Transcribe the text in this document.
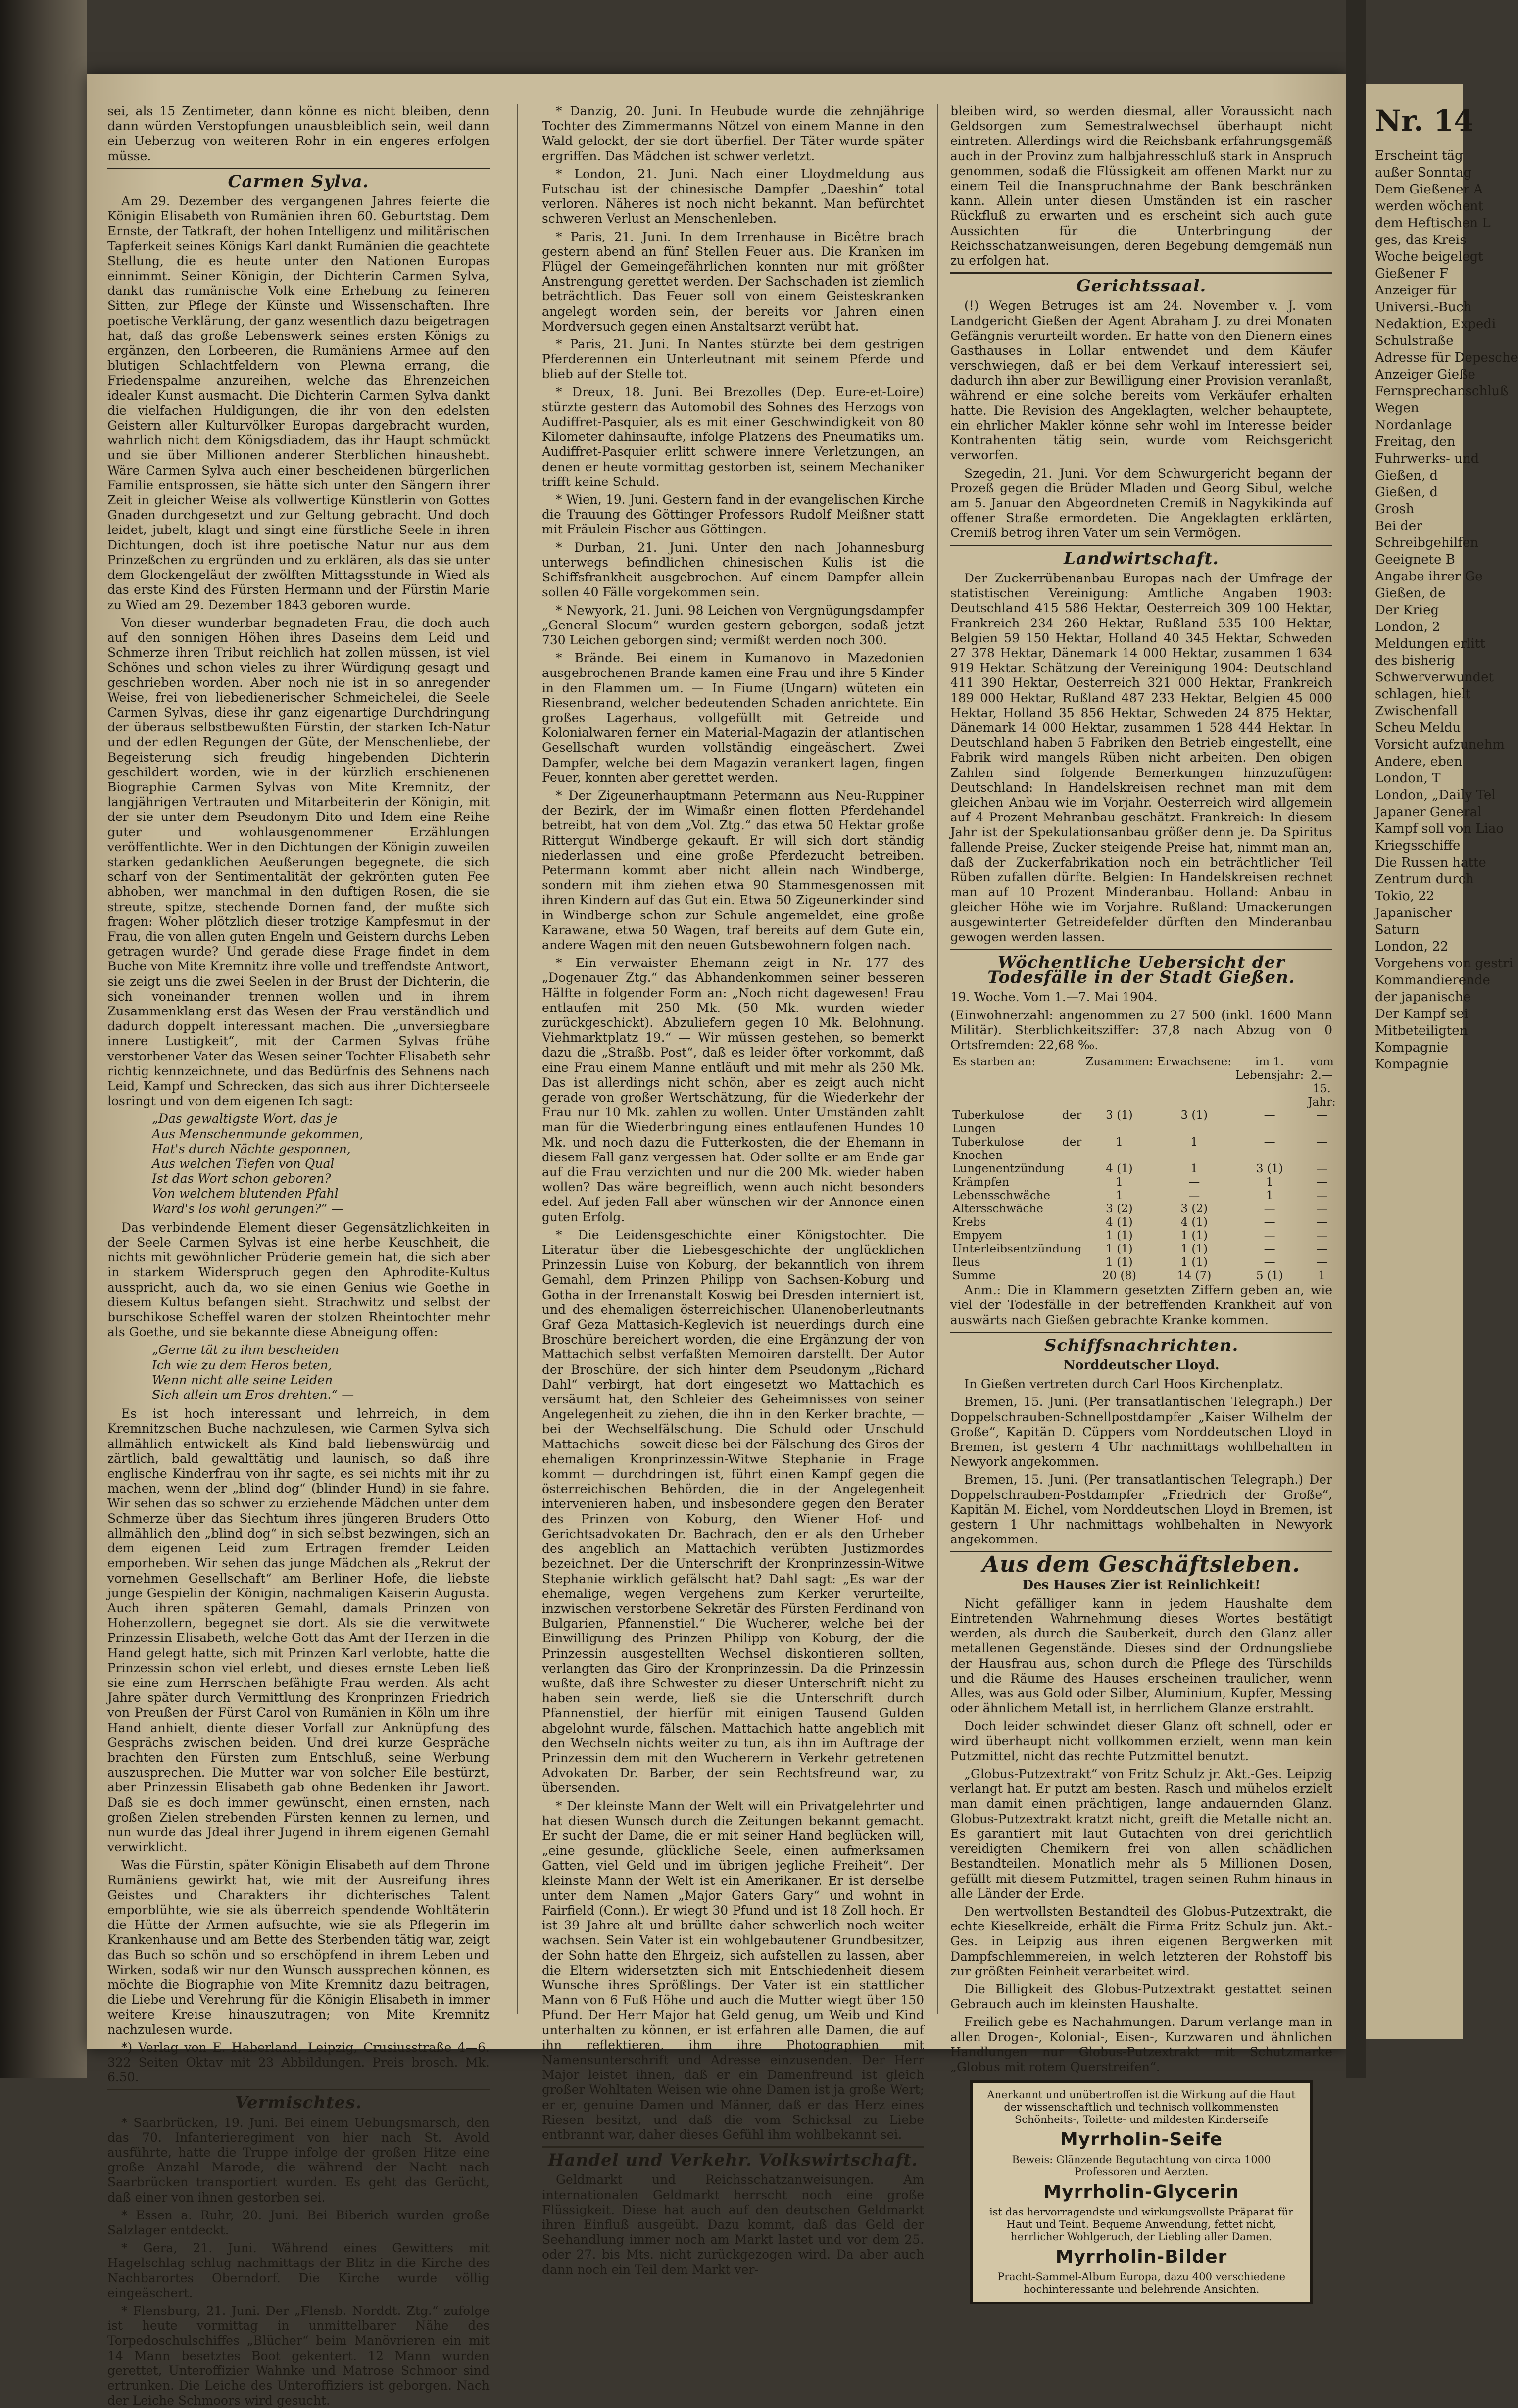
sei, als 15 Zentimeter, dann könne es nicht bleiben, denn dann würden Verstopfungen unausbleiblich sein, weil dann ein Ueberzug von weiteren Rohr in ein engeres erfolgen müsse.

Carmen Sylva.

Am 29. Dezember des vergangenen Jahres feierte die Königin Elisabeth von Rumänien ihren 60. Geburtstag. Dem Ernste, der Tatkraft, der hohen Intelligenz und militärischen Tapferkeit seines Königs Karl dankt Rumänien die geachtete Stellung, die es heute unter den Nationen Europas einnimmt. Seiner Königin, der Dichterin Carmen Sylva, dankt das rumänische Volk eine Erhebung zu feineren Sitten, zur Pflege der Künste und Wissenschaften. Ihre poetische Verklärung, der ganz wesentlich dazu beigetragen hat, daß das große Lebenswerk seines ersten Königs zu ergänzen, den Lorbeeren, die Rumäniens Armee auf den blutigen Schlachtfeldern von Plewna errang, die Friedenspalme anzureihen, welche das Ehrenzeichen idealer Kunst ausmacht. Die Dichterin Carmen Sylva dankt die vielfachen Huldigungen, die ihr von den edelsten Geistern aller Kulturvölker Europas dargebracht wurden, wahrlich nicht dem Königsdiadem, das ihr Haupt schmückt und sie über Millionen anderer Sterblichen hinaushebt. Wäre Carmen Sylva auch einer bescheidenen bürgerlichen Familie entsprossen, sie hätte sich unter den Sängern ihrer Zeit in gleicher Weise als vollwertige Künstlerin von Gottes Gnaden durchgesetzt und zur Geltung gebracht. Und doch leidet, jubelt, klagt und singt eine fürstliche Seele in ihren Dichtungen, doch ist ihre poetische Natur nur aus dem Prinzeßchen zu ergründen und zu erklären, als das sie unter dem Glockengeläut der zwölften Mittagsstunde in Wied als das erste Kind des Fürsten Hermann und der Fürstin Marie zu Wied am 29. Dezember 1843 geboren wurde.

Von dieser wunderbar begnadeten Frau, die doch auch auf den sonnigen Höhen ihres Daseins dem Leid und Schmerze ihren Tribut reichlich hat zollen müssen, ist viel Schönes und schon vieles zu ihrer Würdigung gesagt und geschrieben worden. Aber noch nie ist in so anregender Weise, frei von liebedienerischer Schmeichelei, die Seele Carmen Sylvas, diese ihr ganz eigenartige Durchdringung der überaus selbstbewußten Fürstin, der starken Ich-Natur und der edlen Regungen der Güte, der Menschenliebe, der Begeisterung sich freudig hingebenden Dichterin geschildert worden, wie in der kürzlich erschienenen Biographie Carmen Sylvas von Mite Kremnitz, der langjährigen Vertrauten und Mitarbeiterin der Königin, mit der sie unter dem Pseudonym Dito und Idem eine Reihe guter und wohlausgenommener Erzählungen veröffentlichte. Wer in den Dichtungen der Königin zuweilen starken gedanklichen Aeußerungen begegnete, die sich scharf von der Sentimentalität der gekrönten guten Fee abhoben, wer manchmal in den duftigen Rosen, die sie streute, spitze, stechende Dornen fand, der mußte sich fragen: Woher plötzlich dieser trotzige Kampfesmut in der Frau, die von allen guten Engeln und Geistern durchs Leben getragen wurde? Und gerade diese Frage findet in dem Buche von Mite Kremnitz ihre volle und treffendste Antwort, sie zeigt uns die zwei Seelen in der Brust der Dichterin, die sich voneinander trennen wollen und in ihrem Zusammenklang erst das Wesen der Frau verständlich und dadurch doppelt interessant machen. Die „unversiegbare innere Lustigkeit“, mit der Carmen Sylvas frühe verstorbener Vater das Wesen seiner Tochter Elisabeth sehr richtig kennzeichnete, und das Bedürfnis des Sehnens nach Leid, Kampf und Schrecken, das sich aus ihrer Dichterseele losringt und von dem eigenen Ich sagt:

„Das gewaltigste Wort, das je
Aus Menschenmunde gekommen,
Hat's durch Nächte gesponnen,
Aus welchen Tiefen von Qual
Ist das Wort schon geboren?
Von welchem blutenden Pfahl
Ward's los wohl gerungen?“ —

Das verbindende Element dieser Gegensätzlichkeiten in der Seele Carmen Sylvas ist eine herbe Keuschheit, die nichts mit gewöhnlicher Prüderie gemein hat, die sich aber in starkem Widerspruch gegen den Aphrodite-Kultus ausspricht, auch da, wo sie einen Genius wie Goethe in diesem Kultus befangen sieht. Strachwitz und selbst der burschikose Scheffel waren der stolzen Rheintochter mehr als Goethe, und sie bekannte diese Abneigung offen:

„Gerne tät zu ihm bescheiden
Ich wie zu dem Heros beten,
Wenn nicht alle seine Leiden
Sich allein um Eros drehten.“ —

Es ist hoch interessant und lehrreich, in dem Kremnitzschen Buche nachzulesen, wie Carmen Sylva sich allmählich entwickelt als Kind bald liebenswürdig und zärtlich, bald gewalttätig und launisch, so daß ihre englische Kinderfrau von ihr sagte, es sei nichts mit ihr zu machen, wenn der „blind dog“ (blinder Hund) in sie fahre. Wir sehen das so schwer zu erziehende Mädchen unter dem Schmerze über das Siechtum ihres jüngeren Bruders Otto allmählich den „blind dog“ in sich selbst bezwingen, sich an dem eigenen Leid zum Ertragen fremder Leiden emporheben. Wir sehen das junge Mädchen als „Rekrut der vornehmen Gesellschaft“ am Berliner Hofe, die liebste junge Gespielin der Königin, nachmaligen Kaiserin Augusta. Auch ihren späteren Gemahl, damals Prinzen von Hohenzollern, begegnet sie dort. Als sie die verwitwete Prinzessin Elisabeth, welche Gott das Amt der Herzen in die Hand gelegt hatte, sich mit Prinzen Karl verlobte, hatte die Prinzessin schon viel erlebt, und dieses ernste Leben ließ sie eine zum Herrschen befähigte Frau werden. Als acht Jahre später durch Vermittlung des Kronprinzen Friedrich von Preußen der Fürst Carol von Rumänien in Köln um ihre Hand anhielt, diente dieser Vorfall zur Anknüpfung des Gesprächs zwischen beiden. Und drei kurze Gespräche brachten den Fürsten zum Entschluß, seine Werbung auszusprechen. Die Mutter war von solcher Eile bestürzt, aber Prinzessin Elisabeth gab ohne Bedenken ihr Jawort. Daß sie es doch immer gewünscht, einen ernsten, nach großen Zielen strebenden Fürsten kennen zu lernen, und nun wurde das Jdeal ihrer Jugend in ihrem eigenen Gemahl verwirklicht.

Was die Fürstin, später Königin Elisabeth auf dem Throne Rumäniens gewirkt hat, wie mit der Ausreifung ihres Geistes und Charakters ihr dichterisches Talent emporblühte, wie sie als überreich spendende Wohltäterin die Hütte der Armen aufsuchte, wie sie als Pflegerin im Krankenhause und am Bette des Sterbenden tätig war, zeigt das Buch so schön und so erschöpfend in ihrem Leben und Wirken, sodaß wir nur den Wunsch aussprechen können, es möchte die Biographie von Mite Kremnitz dazu beitragen, die Liebe und Verehrung für die Königin Elisabeth in immer weitere Kreise hinauszutragen; von Mite Kremnitz nachzulesen wurde.

*) Verlag von E. Haberland, Leipzig, Crusiusstraße 4—6. 322 Seiten Oktav mit 23 Abbildungen. Preis brosch. Mk. 6.50.

Vermischtes.

* Saarbrücken, 19. Juni. Bei einem Uebungsmarsch, den das 70. Infanterieregiment von hier nach St. Avold ausführte, hatte die Truppe infolge der großen Hitze eine große Anzahl Marode, die während der Nacht nach Saarbrücken transportiert wurden. Es geht das Gerücht, daß einer von ihnen gestorben sei.

* Essen a. Ruhr, 20. Juni. Bei Biberich wurden große Salzlager entdeckt.

* Gera, 21. Juni. Während eines Gewitters mit Hagelschlag schlug nachmittags der Blitz in die Kirche des Nachbarortes Oberndorf. Die Kirche wurde völlig eingeäschert.

* Flensburg, 21. Juni. Der „Flensb. Norddt. Ztg.“ zufolge ist heute vormittag in unmittelbarer Nähe des Torpedoschulschiffes „Blücher“ beim Manövrieren ein mit 14 Mann besetztes Boot gekentert. 12 Mann wurden gerettet, Unteroffizier Wahnke und Matrose Schmoor sind ertrunken. Die Leiche des Unteroffiziers ist geborgen. Nach der Leiche Schmoors wird gesucht.

* Danzig, 20. Juni. In Heubude wurde die zehnjährige Tochter des Zimmermanns Nötzel von einem Manne in den Wald gelockt, der sie dort überfiel. Der Täter wurde später ergriffen. Das Mädchen ist schwer verletzt.

* London, 21. Juni. Nach einer Lloydmeldung aus Futschau ist der chinesische Dampfer „Daeshin“ total verloren. Näheres ist noch nicht bekannt. Man befürchtet schweren Verlust an Menschenleben.

* Paris, 21. Juni. In dem Irrenhause in Bicêtre brach gestern abend an fünf Stellen Feuer aus. Die Kranken im Flügel der Gemeingefährlichen konnten nur mit größter Anstrengung gerettet werden. Der Sachschaden ist ziemlich beträchtlich. Das Feuer soll von einem Geisteskranken angelegt worden sein, der bereits vor Jahren einen Mordversuch gegen einen Anstaltsarzt verübt hat.

* Paris, 21. Juni. In Nantes stürzte bei dem gestrigen Pferderennen ein Unterleutnant mit seinem Pferde und blieb auf der Stelle tot.

* Dreux, 18. Juni. Bei Brezolles (Dep. Eure-et-Loire) stürzte gestern das Automobil des Sohnes des Herzogs von Audiffret-Pasquier, als es mit einer Geschwindigkeit von 80 Kilometer dahinsaufte, infolge Platzens des Pneumatiks um. Audiffret-Pasquier erlitt schwere innere Verletzungen, an denen er heute vormittag gestorben ist, seinem Mechaniker trifft keine Schuld.

* Wien, 19. Juni. Gestern fand in der evangelischen Kirche die Trauung des Göttinger Professors Rudolf Meißner statt mit Fräulein Fischer aus Göttingen.

* Durban, 21. Juni. Unter den nach Johannesburg unterwegs befindlichen chinesischen Kulis ist die Schiffsfrankheit ausgebrochen. Auf einem Dampfer allein sollen 40 Fälle vorgekommen sein.

* Newyork, 21. Juni. 98 Leichen von Vergnügungsdampfer „General Slocum“ wurden gestern geborgen, sodaß jetzt 730 Leichen geborgen sind; vermißt werden noch 300.

* Brände. Bei einem in Kumanovo in Mazedonien ausgebrochenen Brande kamen eine Frau und ihre 5 Kinder in den Flammen um. — In Fiume (Ungarn) wüteten ein Riesenbrand, welcher bedeutenden Schaden anrichtete. Ein großes Lagerhaus, vollgefüllt mit Getreide und Kolonialwaren ferner ein Material-Magazin der atlantischen Gesellschaft wurden vollständig eingeäschert. Zwei Dampfer, welche bei dem Magazin verankert lagen, fingen Feuer, konnten aber gerettet werden.

* Der Zigeunerhauptmann Petermann aus Neu-Ruppiner der Bezirk, der im Wimaßr einen flotten Pferdehandel betreibt, hat von dem „Vol. Ztg.“ das etwa 50 Hektar große Rittergut Windberge gekauft. Er will sich dort ständig niederlassen und eine große Pferdezucht betreiben. Petermann kommt aber nicht allein nach Windberge, sondern mit ihm ziehen etwa 90 Stammesgenossen mit ihren Kindern auf das Gut ein. Etwa 50 Zigeunerkinder sind in Windberge schon zur Schule angemeldet, eine große Karawane, etwa 50 Wagen, traf bereits auf dem Gute ein, andere Wagen mit den neuen Gutsbewohnern folgen nach.

* Ein verwaister Ehemann zeigt in Nr. 177 des „Dogenauer Ztg.“ das Abhandenkommen seiner besseren Hälfte in folgender Form an: „Noch nicht dagewesen! Frau entlaufen mit 250 Mk. (50 Mk. wurden wieder zurückgeschickt). Abzuliefern gegen 10 Mk. Belohnung. Viehmarktplatz 19.“ — Wir müssen gestehen, so bemerkt dazu die „Straßb. Post“, daß es leider öfter vorkommt, daß eine Frau einem Manne entläuft und mit mehr als 250 Mk. Das ist allerdings nicht schön, aber es zeigt auch nicht gerade von großer Wertschätzung, für die Wiederkehr der Frau nur 10 Mk. zahlen zu wollen. Unter Umständen zahlt man für die Wiederbringung eines entlaufenen Hundes 10 Mk. und noch dazu die Futterkosten, die der Ehemann in diesem Fall ganz vergessen hat. Oder sollte er am Ende gar auf die Frau verzichten und nur die 200 Mk. wieder haben wollen? Das wäre begreiflich, wenn auch nicht besonders edel. Auf jeden Fall aber wünschen wir der Annonce einen guten Erfolg.

* Die Leidensgeschichte einer Königstochter. Die Literatur über die Liebesgeschichte der unglücklichen Prinzessin Luise von Koburg, der bekanntlich von ihrem Gemahl, dem Prinzen Philipp von Sachsen-Koburg und Gotha in der Irrenanstalt Koswig bei Dresden interniert ist, und des ehemaligen österreichischen Ulanenoberleutnants Graf Geza Mattasich-Keglevich ist neuerdings durch eine Broschüre bereichert worden, die eine Ergänzung der von Mattachich selbst verfaßten Memoiren darstellt. Der Autor der Broschüre, der sich hinter dem Pseudonym „Richard Dahl“ verbirgt, hat dort eingesetzt wo Mattachich es versäumt hat, den Schleier des Geheimnisses von seiner Angelegenheit zu ziehen, die ihn in den Kerker brachte, — bei der Wechselfälschung. Die Schuld oder Unschuld Mattachichs — soweit diese bei der Fälschung des Giros der ehemaligen Kronprinzessin-Witwe Stephanie in Frage kommt — durchdringen ist, führt einen Kampf gegen die österreichischen Behörden, die in der Angelegenheit intervenieren haben, und insbesondere gegen den Berater des Prinzen von Koburg, den Wiener Hof- und Gerichtsadvokaten Dr. Bachrach, den er als den Urheber des angeblich an Mattachich verübten Justizmordes bezeichnet. Der die Unterschrift der Kronprinzessin-Witwe Stephanie wirklich gefälscht hat? Dahl sagt: „Es war der ehemalige, wegen Vergehens zum Kerker verurteilte, inzwischen verstorbene Sekretär des Fürsten Ferdinand von Bulgarien, Pfannenstiel.“ Die Wucherer, welche bei der Einwilligung des Prinzen Philipp von Koburg, der die Prinzessin ausgestellten Wechsel diskontieren sollten, verlangten das Giro der Kronprinzessin. Da die Prinzessin wußte, daß ihre Schwester zu dieser Unterschrift nicht zu haben sein werde, ließ sie die Unterschrift durch Pfannenstiel, der hierfür mit einigen Tausend Gulden abgelohnt wurde, fälschen. Mattachich hatte angeblich mit den Wechseln nichts weiter zu tun, als ihn im Auftrage der Prinzessin dem mit den Wucherern in Verkehr getretenen Advokaten Dr. Barber, der sein Rechtsfreund war, zu übersenden.

* Der kleinste Mann der Welt will ein Privatgelehrter und hat diesen Wunsch durch die Zeitungen bekannt gemacht. Er sucht der Dame, die er mit seiner Hand beglücken will, „eine gesunde, glückliche Seele, einen aufmerksamen Gatten, viel Geld und im übrigen jegliche Freiheit“. Der kleinste Mann der Welt ist ein Amerikaner. Er ist derselbe unter dem Namen „Major Gaters Gary“ und wohnt in Fairfield (Conn.). Er wiegt 30 Pfund und ist 18 Zoll hoch. Er ist 39 Jahre alt und brüllte daher schwerlich noch weiter wachsen. Sein Vater ist ein wohlgebautener Grundbesitzer, der Sohn hatte den Ehrgeiz, sich aufstellen zu lassen, aber die Eltern widersetzten sich mit Entschiedenheit diesem Wunsche ihres Sprößlings. Der Vater ist ein stattlicher Mann von 6 Fuß Höhe und auch die Mutter wiegt über 150 Pfund. Der Herr Major hat Geld genug, um Weib und Kind unterhalten zu können, er ist erfahren alle Damen, die auf ihn reflektieren, ihm ihre Photographien mit Namensunterschrift und Adresse einzusenden. Der Herr Major leistet ihnen, daß er ein Damenfreund ist gleich großer Wohltaten Weisen wie ohne Damen ist ja große Wert; er er, genuine Damen und Männer, daß er das Herz eines Riesen besitzt, und daß die vom Schicksal zu Liebe entbrannt war, daher dieses Gefühl ihm wohlbekannt sei.

Handel und Verkehr. Volkswirtschaft.

Geldmarkt und Reichsschatzanweisungen. Am internationalen Geldmarkt herrscht noch eine große Flüssigkeit. Diese hat auch auf den deutschen Geldmarkt ihren Einfluß ausgeübt. Dazu kommt, daß das Geld der Seehandlung immer noch am Markt lastet und vor dem 25. oder 27. bis Mts. nicht zurückgezogen wird. Da aber auch dann noch ein Teil dem Markt ver-

bleiben wird, so werden diesmal, aller Voraussicht nach Geldsorgen zum Semestralwechsel überhaupt nicht eintreten. Allerdings wird die Reichsbank erfahrungsgemäß auch in der Provinz zum halbjahresschluß stark in Anspruch genommen, sodaß die Flüssigkeit am offenen Markt nur zu einem Teil die Inanspruchnahme der Bank beschränken kann. Allein unter diesen Umständen ist ein rascher Rückfluß zu erwarten und es erscheint sich auch gute Aussichten für die Unterbringung der Reichsschatzanweisungen, deren Begebung demgemäß nun zu erfolgen hat.

Gerichtssaal.

(!) Wegen Betruges ist am 24. November v. J. vom Landgericht Gießen der Agent Abraham J. zu drei Monaten Gefängnis verurteilt worden. Er hatte von den Dienern eines Gasthauses in Lollar entwendet und dem Käufer verschwiegen, daß er bei dem Verkauf interessiert sei, dadurch ihn aber zur Bewilligung einer Provision veranlaßt, während er eine solche bereits vom Verkäufer erhalten hatte. Die Revision des Angeklagten, welcher behauptete, ein ehrlicher Makler könne sehr wohl im Interesse beider Kontrahenten tätig sein, wurde vom Reichsgericht verworfen.

Szegedin, 21. Juni. Vor dem Schwurgericht begann der Prozeß gegen die Brüder Mladen und Georg Sibul, welche am 5. Januar den Abgeordneten Cremiß in Nagykikinda auf offener Straße ermordeten. Die Angeklagten erklärten, Cremiß betrog ihren Vater um sein Vermögen.

Landwirtschaft.

Der Zuckerrübenanbau Europas nach der Umfrage der statistischen Vereinigung: Amtliche Angaben 1903: Deutschland 415 586 Hektar, Oesterreich 309 100 Hektar, Frankreich 234 260 Hektar, Rußland 535 100 Hektar, Belgien 59 150 Hektar, Holland 40 345 Hektar, Schweden 27 378 Hektar, Dänemark 14 000 Hektar, zusammen 1 634 919 Hektar. Schätzung der Vereinigung 1904: Deutschland 411 390 Hektar, Oesterreich 321 000 Hektar, Frankreich 189 000 Hektar, Rußland 487 233 Hektar, Belgien 45 000 Hektar, Holland 35 856 Hektar, Schweden 24 875 Hektar, Dänemark 14 000 Hektar, zusammen 1 528 444 Hektar. In Deutschland haben 5 Fabriken den Betrieb eingestellt, eine Fabrik wird mangels Rüben nicht arbeiten. Den obigen Zahlen sind folgende Bemerkungen hinzuzufügen: Deutschland: In Handelskreisen rechnet man mit dem gleichen Anbau wie im Vorjahr. Oesterreich wird allgemein auf 4 Prozent Mehranbau geschätzt. Frankreich: In diesem Jahr ist der Spekulationsanbau größer denn je. Da Spiritus fallende Preise, Zucker steigende Preise hat, nimmt man an, daß der Zuckerfabrikation noch ein beträchtlicher Teil Rüben zufallen dürfte. Belgien: In Handelskreisen rechnet man auf 10 Prozent Minderanbau. Holland: Anbau in gleicher Höhe wie im Vorjahre. Rußland: Umackerungen ausgewinterter Getreidefelder dürften den Minderanbau gewogen werden lassen.

Wöchentliche Uebersicht der Todesfälle in der Stadt Gießen.

19. Woche. Vom 1.—7. Mai 1904.

(Einwohnerzahl: angenommen zu 27 500 (inkl. 1600 Mann Militär). Sterblichkeitsziffer: 37,8 nach Abzug von 0 Ortsfremden: 22,68 ‰.

Es starben an:	Zusammen:	Erwachsene:	im 1. Lebensjahr:	vom 2.—15. Jahr:
Tuberkulose der Lungen	3 (1)	3 (1)	—	—
Tuberkulose der Knochen	1	1	—	—
Lungenentzündung	4 (1)	1	3 (1)	—
Krämpfen	1	—	1	—
Lebensschwäche	1	—	1	—
Altersschwäche	3 (2)	3 (2)	—	—
Krebs	4 (1)	4 (1)	—	—
Empyem	1 (1)	1 (1)	—	—
Unterleibsentzündung	1 (1)	1 (1)	—	—
Ileus	1 (1)	1 (1)	—	—
Summe	20 (8)	14 (7)	5 (1)	1

Anm.: Die in Klammern gesetzten Ziffern geben an, wie viel der Todesfälle in der betreffenden Krankheit auf von auswärts nach Gießen gebrachte Kranke kommen.

Schiffsnachrichten.
Norddeutscher Lloyd.

In Gießen vertreten durch Carl Hoos Kirchenplatz.

Bremen, 15. Juni. (Per transatlantischen Telegraph.) Der Doppelschrauben-Schnellpostdampfer „Kaiser Wilhelm der Große“, Kapitän D. Cüppers vom Norddeutschen Lloyd in Bremen, ist gestern 4 Uhr nachmittags wohlbehalten in Newyork angekommen.

Bremen, 15. Juni. (Per transatlantischen Telegraph.) Der Doppelschrauben-Postdampfer „Friedrich der Große“, Kapitän M. Eichel, vom Norddeutschen Lloyd in Bremen, ist gestern 1 Uhr nachmittags wohlbehalten in Newyork angekommen.

Aus dem Geschäftsleben.
Des Hauses Zier ist Reinlichkeit!

Nicht gefälliger kann in jedem Haushalte dem Eintretenden Wahrnehmung dieses Wortes bestätigt werden, als durch die Sauberkeit, durch den Glanz aller metallenen Gegenstände. Dieses sind der Ordnungsliebe der Hausfrau aus, schon durch die Pflege des Türschilds und die Räume des Hauses erscheinen traulicher, wenn Alles, was aus Gold oder Silber, Aluminium, Kupfer, Messing oder ähnlichem Metall ist, in herrlichem Glanze erstrahlt.

Doch leider schwindet dieser Glanz oft schnell, oder er wird überhaupt nicht vollkommen erzielt, wenn man kein Putzmittel, nicht das rechte Putzmittel benutzt.

„Globus-Putzextrakt“ von Fritz Schulz jr. Akt.-Ges. Leipzig verlangt hat. Er putzt am besten. Rasch und mühelos erzielt man damit einen prächtigen, lange andauernden Glanz. Globus-Putzextrakt kratzt nicht, greift die Metalle nicht an. Es garantiert mit laut Gutachten von drei gerichtlich vereidigten Chemikern frei von allen schädlichen Bestandteilen. Monatlich mehr als 5 Millionen Dosen, gefüllt mit diesem Putzmittel, tragen seinen Ruhm hinaus in alle Länder der Erde.

Den wertvollsten Bestandteil des Globus-Putzextrakt, die echte Kieselkreide, erhält die Firma Fritz Schulz jun. Akt.-Ges. in Leipzig aus ihren eigenen Bergwerken mit Dampfschlemmereien, in welch letzteren der Rohstoff bis zur größten Feinheit verarbeitet wird.

Die Billigkeit des Globus-Putzextrakt gestattet seinen Gebrauch auch im kleinsten Haushalte.

Freilich gebe es Nachahmungen. Darum verlange man in allen Drogen-, Kolonial-, Eisen-, Kurzwaren und ähnlichen Handlungen nur Globus-Putzextrakt mit Schutzmarke „Globus mit rotem Querstreifen“.

Anerkannt und unübertroffen ist die Wirkung auf die Haut der wissenschaftlich und technisch vollkommensten Schönheits-, Toilette- und mildesten Kinderseife
Myrrholin-Seife
Beweis: Glänzende Begutachtung von circa 1000 Professoren und Aerzten.
Myrrholin-Glycerin
ist das hervorragendste und wirkungsvollste Präparat für Haut und Teint. Bequeme Anwendung, fettet nicht, herrlicher Wohlgeruch, der Liebling aller Damen.
Myrrholin-Bilder
Pracht-Sammel-Album Europa, dazu 400 verschiedene hochinteressante und belehrende Ansichten.
Nr. 14
Erscheint täg
außer Sonntag
Dem Gießener A
werden wöchent
dem Heftischen L
ges, das Kreis
Woche beigelegt
Gießener F
Anzeiger für
Universi.-Buch
Nedaktion, Expedi
Schulstraße
Adresse für Depesche
Anzeiger Gieße
Fernsprechanschluß
Wegen
Nordanlage
Freitag, den
Fuhrwerks- und
Gießen, d
Gießen, d
Grosh
Bei der
Schreibgehilfen
Geeignete B
Angabe ihrer Ge
Gießen, de
Der Krieg
London, 2
Meldungen erlitt
des bisherig
Schwerverwundet
schlagen, hielt
Zwischenfall
Scheu Meldu
Vorsicht aufzunehm
Andere, eben
London, T
London, „Daily Tel
Japaner General
Kampf soll von Liao
Kriegsschiffe
Die Russen hatte
Zentrum durch
Tokio, 22
Japanischer
Saturn
London, 22
Vorgehens von gestri
Kommandierende
der japanische
Der Kampf sei
Mitbeteiligten
Kompagnie
Kompagnie
